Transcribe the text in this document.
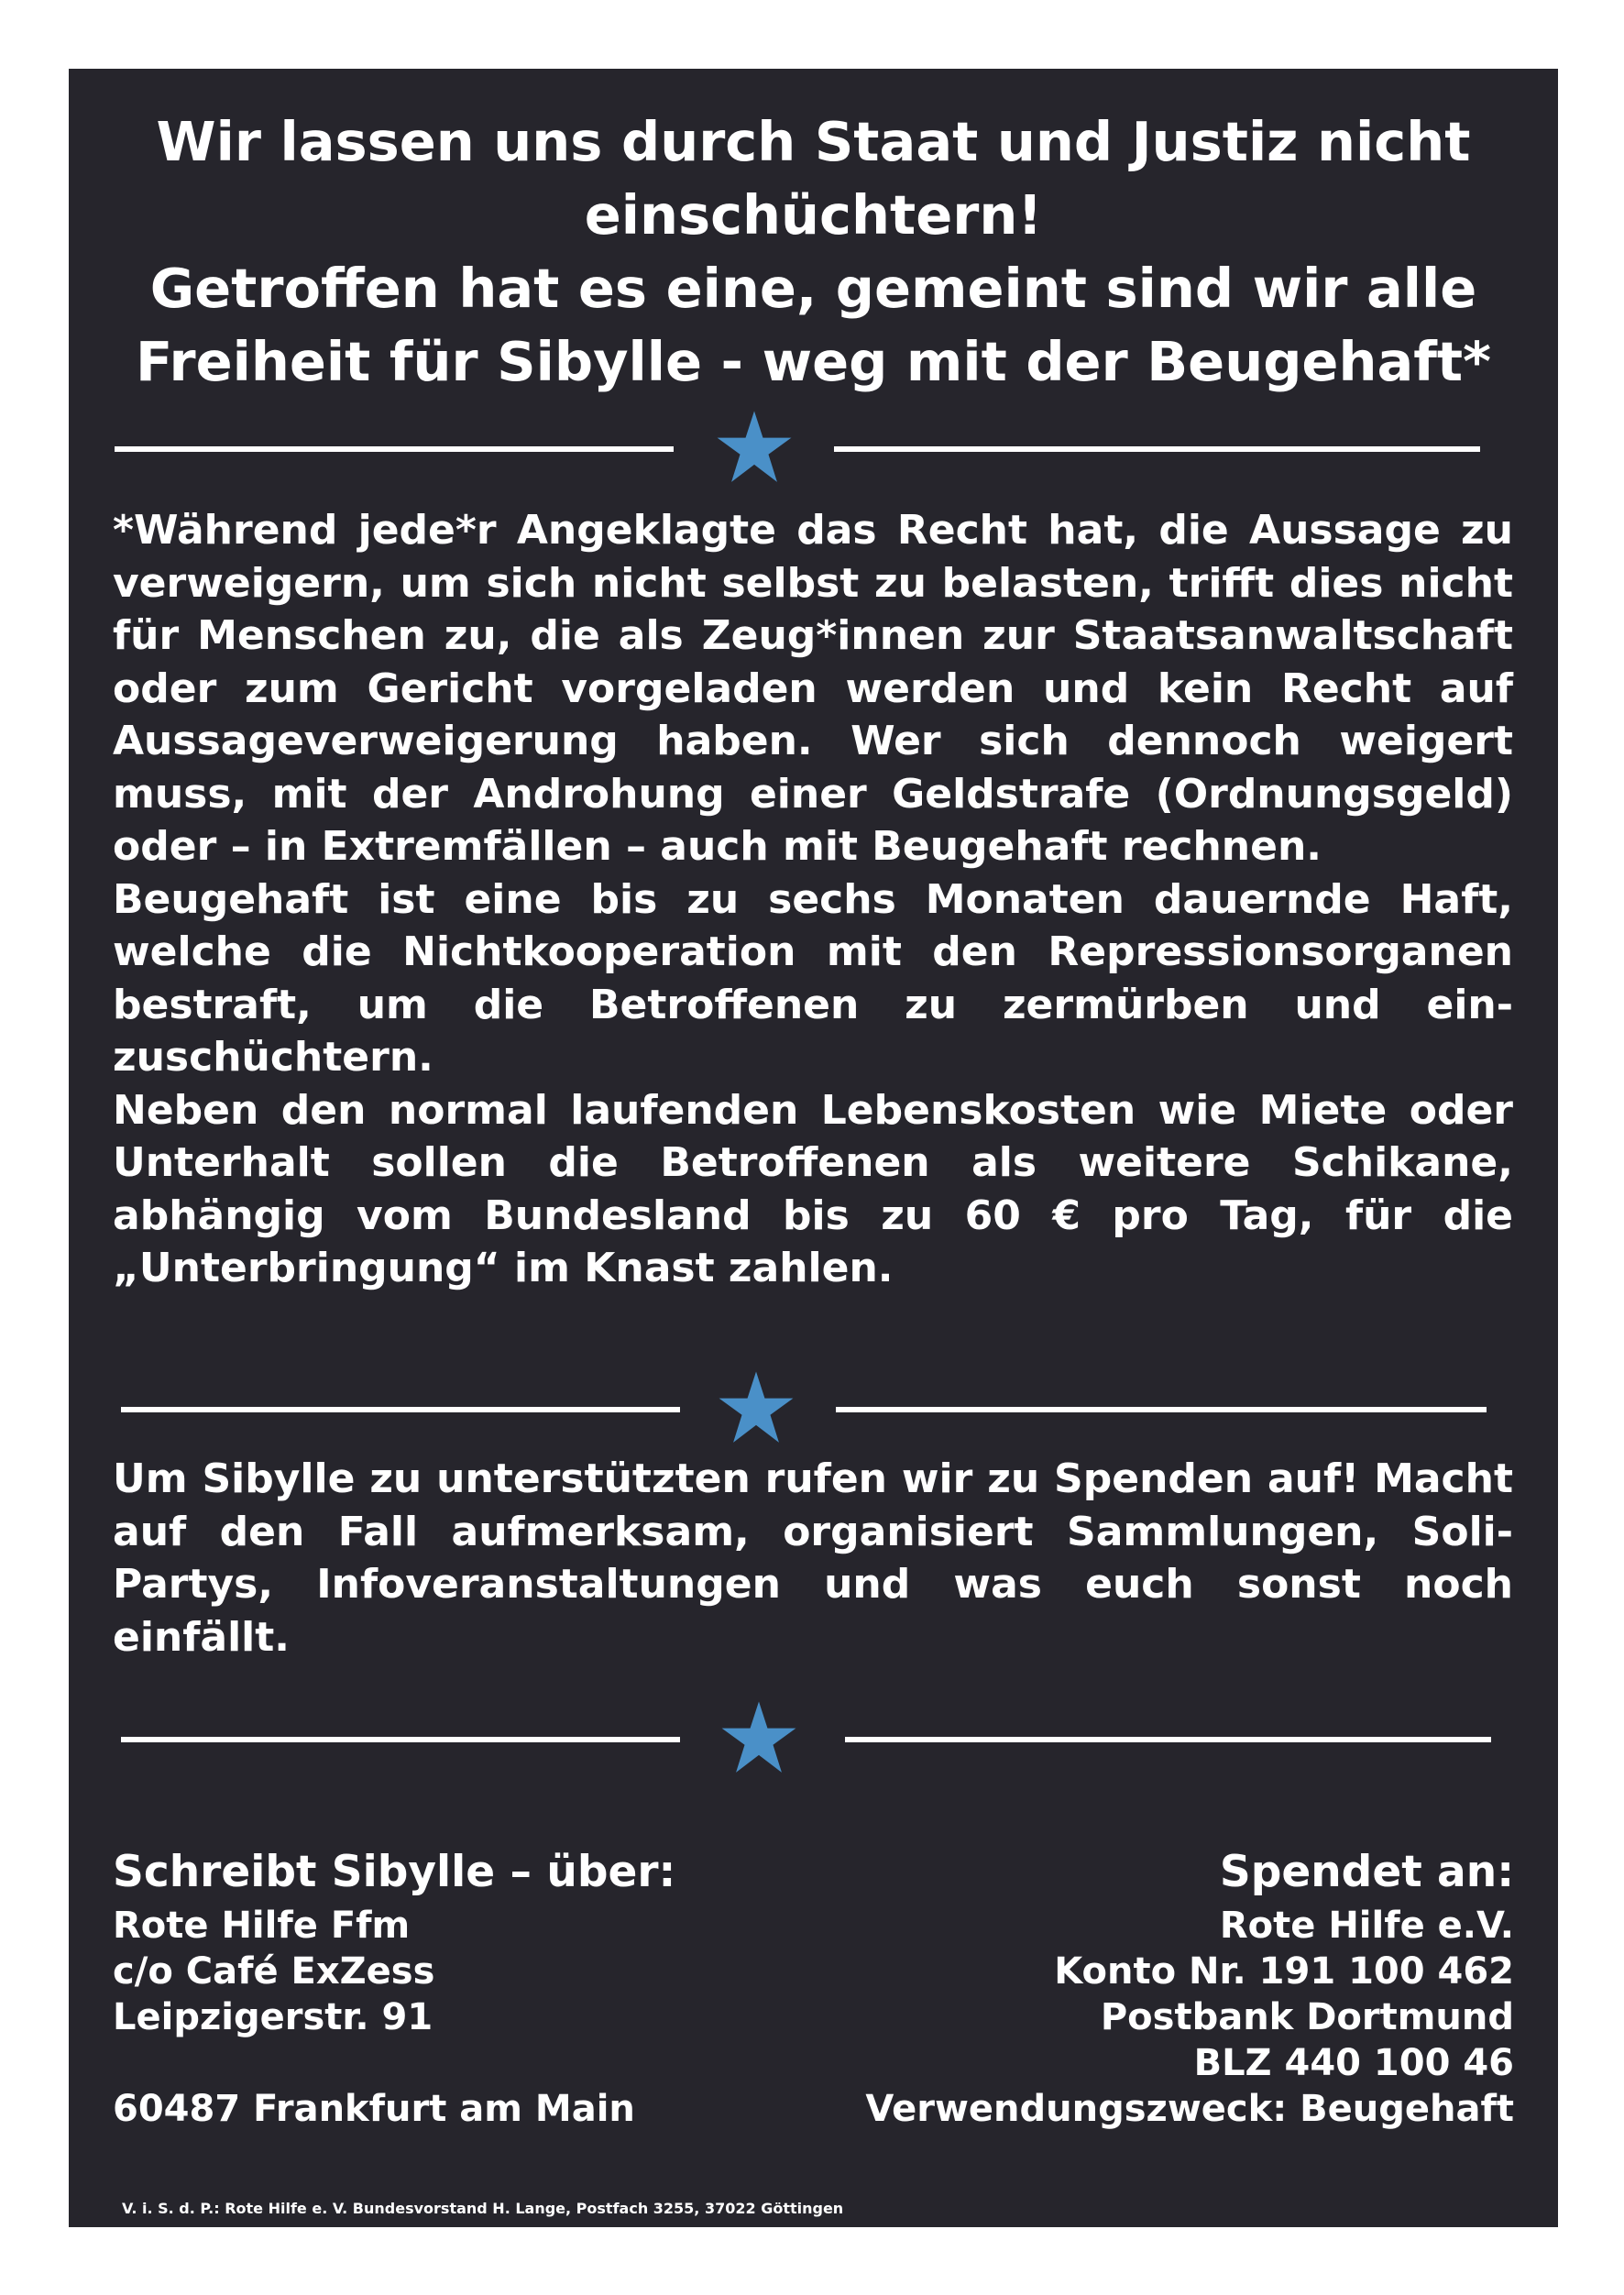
Wir lassen uns durch Staat und Justiz nicht
einschüchtern!
Getroffen hat es eine, gemeint sind wir alle
Freiheit für Sibylle - weg mit der Beugehaft*

*Während jede*r Angeklagte das Recht hat, die Aussage zu verweigern, um sich nicht selbst zu belasten, trifft dies nicht für Menschen zu, die als Zeug*innen zur Staatsanwaltschaft oder zum Gericht vorgeladen werden und kein Recht auf Aussageverweigerung haben. Wer sich dennoch weigert muss, mit der Androhung einer Geldstrafe (Ordnungsgeld) oder – in Extremfällen – auch mit Beugehaft rechnen.

Beugehaft ist eine bis zu sechs Monaten dauernde Haft, welche die Nichtkooperation mit den Repressionsorganen bestraft, um die Betroffenen zu zermürben und einzuschüchtern.

Neben den normal laufenden Lebenskosten wie Miete oder Unterhalt sollen die Betroffenen als weitere Schikane, abhängig vom Bundesland bis zu 60 € pro Tag, für die „Unterbringung“ im Knast zahlen.

Um Sibylle zu unterstützten rufen wir zu Spenden auf! Macht auf den Fall aufmerksam, organisiert Sammlungen, Soli-Partys, Infoveranstaltungen und was euch sonst noch einfällt.

Schreibt Sibylle – über:
Rote Hilfe Ffm
c/o Café ExZess
Leipzigerstr. 91
60487 Frankfurt am Main
Spendet an:
Rote Hilfe e.V.
Konto Nr. 191 100 462
Postbank Dortmund
BLZ 440 100 46
Verwendungszweck: Beugehaft
V. i. S. d. P.: Rote Hilfe e. V. Bundesvorstand H. Lange, Postfach 3255, 37022 Göttingen
